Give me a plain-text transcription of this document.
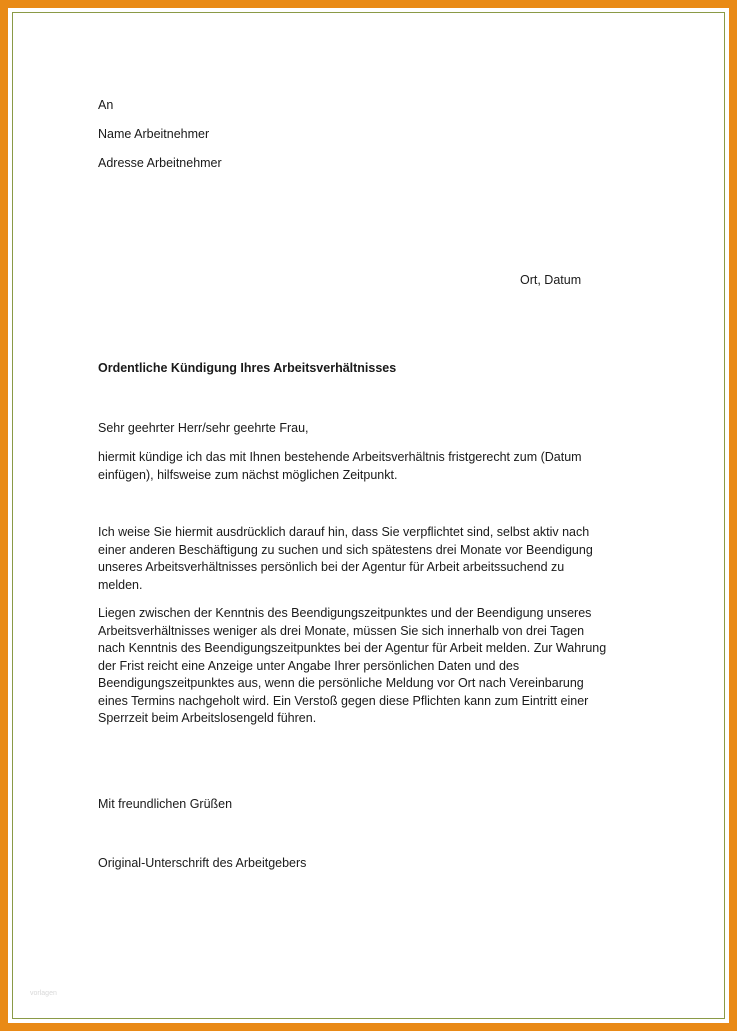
An
Name Arbeitnehmer
Adresse Arbeitnehmer
Ort, Datum
Ordentliche Kündigung Ihres Arbeitsverhältnisses
Sehr geehrter Herr/sehr geehrte Frau,

hiermit kündige ich das mit Ihnen bestehende Arbeitsverhältnis fristgerecht zum (Datum

einfügen), hilfsweise zum nächst möglichen Zeitpunkt.

Ich weise Sie hiermit ausdrücklich darauf hin, dass Sie verpflichtet sind, selbst aktiv nach

einer anderen Beschäftigung zu suchen und sich spätestens drei Monate vor Beendigung

unseres Arbeitsverhältnisses persönlich bei der Agentur für Arbeit arbeitssuchend zu

melden.

Liegen zwischen der Kenntnis des Beendigungszeitpunktes und der Beendigung unseres

Arbeitsverhältnisses weniger als drei Monate, müssen Sie sich innerhalb von drei Tagen

nach Kenntnis des Beendigungszeitpunktes bei der Agentur für Arbeit melden. Zur Wahrung

der Frist reicht eine Anzeige unter Angabe Ihrer persönlichen Daten und des

Beendigungszeitpunktes aus, wenn die persönliche Meldung vor Ort nach Vereinbarung

eines Termins nachgeholt wird. Ein Verstoß gegen diese Pflichten kann zum Eintritt einer

Sperrzeit beim Arbeitslosengeld führen.

Mit freundlichen Grüßen
Original-Unterschrift des Arbeitgebers
vorlagen
